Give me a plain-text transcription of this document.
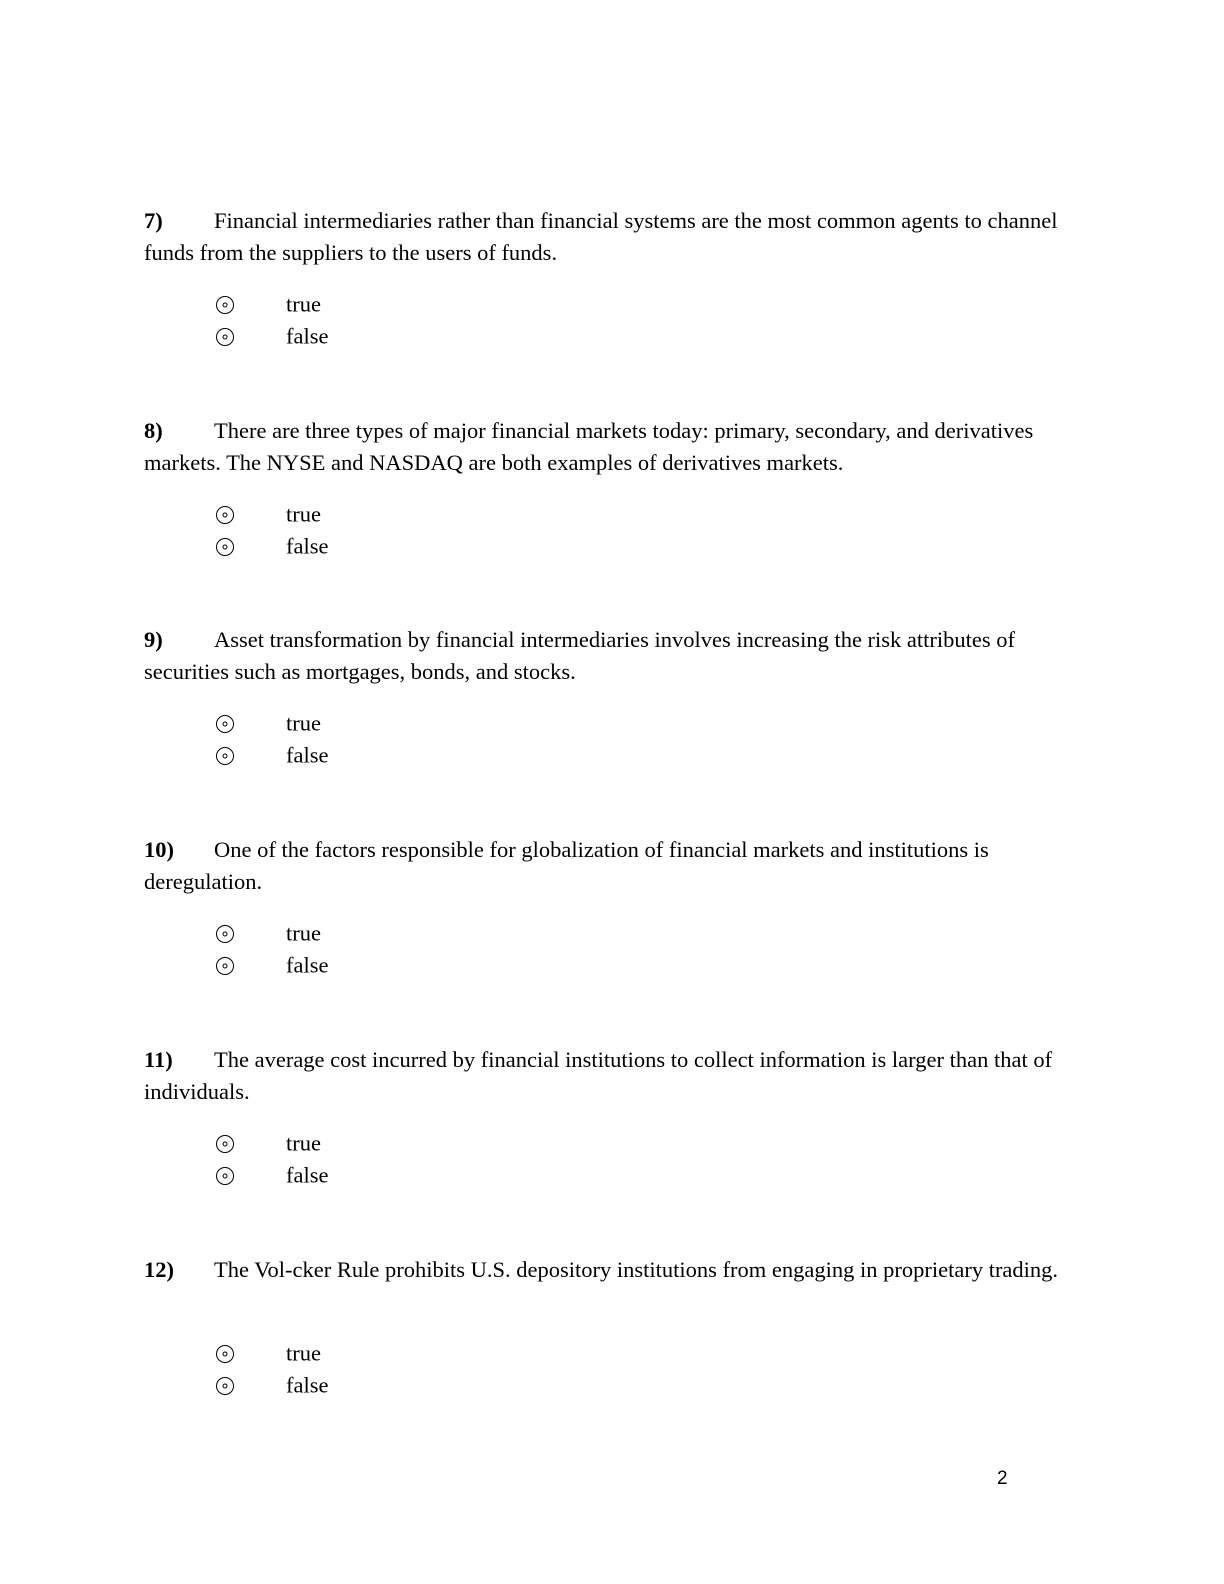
7) Financial intermediaries rather than financial systems are the most common agents to channel funds from the suppliers to the users of funds.

true
false

8) There are three types of major financial markets today: primary, secondary, and derivatives markets. The NYSE and NASDAQ are both examples of derivatives markets.

true
false

9) Asset transformation by financial intermediaries involves increasing the risk attributes of securities such as mortgages, bonds, and stocks.

true
false

10) One of the factors responsible for globalization of financial markets and institutions is deregulation.

true
false

11) The average cost incurred by financial institutions to collect information is larger than that of individuals.

true
false

12) The Vol-cker Rule prohibits U.S. depository institutions from engaging in proprietary trading.

true
false
2
